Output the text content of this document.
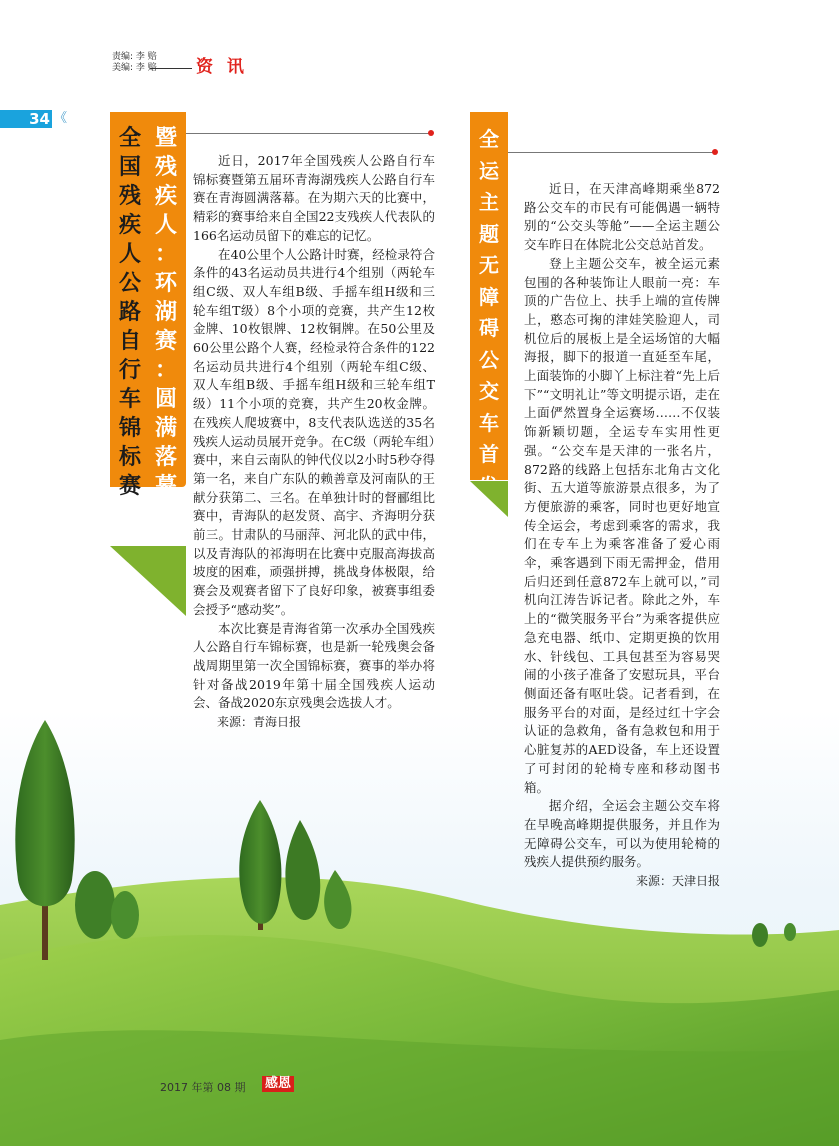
责编: 李 赔
美编: 李 赔 资 讯
34 《
全
国
残
疾
人
公
路
自
行
车
锦
标
赛
暨
残
疾
人
：
环
湖
赛
：
圆
满
落
幕

近日，2017年全国残疾人公路自行车锦标赛暨第五届环青海湖残疾人公路自行车赛在青海圆满落幕。在为期六天的比赛中，精彩的赛事给来自全国22支残疾人代表队的166名运动员留下的难忘的记忆。

在40公里个人公路计时赛，经检录符合条件的43名运动员共进行4个组别（两轮车组C级、双人车组B级、手摇车组H级和三轮车组T级）8个小项的竞赛，共产生12枚金牌、10枚银牌、12枚铜牌。在50公里及60公里公路个人赛，经检录符合条件的122名运动员共进行4个组别（两轮车组C级、双人车组B级、手摇车组H级和三轮车组T级）11个小项的竞赛，共产生20枚金牌。在残疾人爬坡赛中，8支代表队选送的35名残疾人运动员展开竞争。在C级（两轮车组）赛中，来自云南队的钟代仪以2小时5秒夺得第一名，来自广东队的赖善章及河南队的王献分获第二、三名。在单独计时的督郦组比赛中，青海队的赵发贤、高宇、齐海明分获前三。甘肃队的马丽萍、河北队的武中伟，以及青海队的祁海明在比赛中克服高海拔高坡度的困难，顽强拼搏，挑战身体极限，给赛会及观赛者留下了良好印象，被赛事组委会授予“感动奖”。

本次比赛是青海省第一次承办全国残疾人公路自行车锦标赛，也是新一轮残奥会备战周期里第一次全国锦标赛，赛事的举办将针对备战2019年第十届全国残疾人运动会、备战2020东京残奥会选拔人才。

来源：青海日报

全
运
主
题
无
障
碍
公
交
车
首
发

近日，在天津高峰期乘坐872路公交车的市民有可能偶遇一辆特别的“公交头等舱”——全运主题公交车昨日在体院北公交总站首发。

登上主题公交车，被全运元素包围的各种装饰让人眼前一亮：车顶的广告位上、扶手上端的宣传牌上，憨态可掬的津娃笑脸迎人，司机位后的展板上是全运场馆的大幅海报，脚下的报道一直延至车尾，上面装饰的小脚丫上标注着“先上后下”“文明礼让”等文明提示语，走在上面俨然置身全运赛场……不仅装饰新颖切题，全运专车实用性更强。“公交车是天津的一张名片，872路的线路上包括东北角古文化街、五大道等旅游景点很多，为了方便旅游的乘客，同时也更好地宣传全运会，考虑到乘客的需求，我们在专车上为乘客准备了爱心雨伞，乘客遇到下雨无需押金，借用后归还到任意872车上就可以，”司机向江涛告诉记者。除此之外，车上的“微笑服务平台”为乘客提供应急充电器、纸巾、定期更换的饮用水、针线包、工具包甚至为容易哭闹的小孩子准备了安慰玩具，平台侧面还备有呕吐袋。记者看到，在服务平台的对面，是经过红十字会认证的急救角，备有急救包和用于心脏复苏的AED设备，车上还设置了可封闭的轮椅专座和移动图书箱。

据介绍，全运会主题公交车将在早晚高峰期提供服务，并且作为无障碍公交车，可以为使用轮椅的残疾人提供预约服务。

来源：天津日报

2017 年第 08 期 感恩
